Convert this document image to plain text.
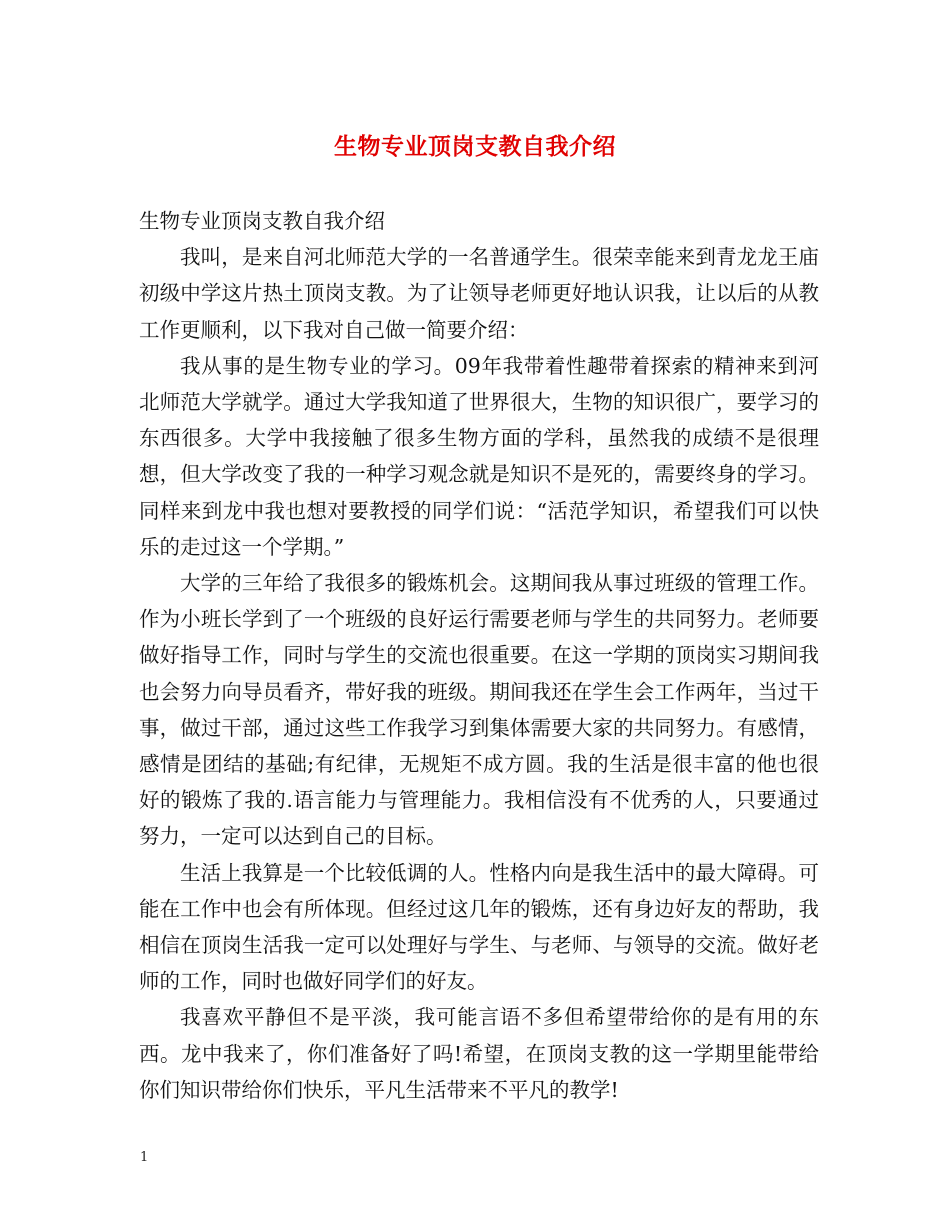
生物专业顶岗支教自我介绍

生物专业顶岗支教自我介绍

我叫，是来自河北师范大学的一名普通学生。很荣幸能来到青龙龙王庙初级中学这片热土顶岗支教。为了让领导老师更好地认识我，让以后的从教工作更顺利，以下我对自己做一简要介绍：

我从事的是生物专业的学习。09年我带着性趣带着探索的精神来到河北师范大学就学。通过大学我知道了世界很大，生物的知识很广，要学习的东西很多。大学中我接触了很多生物方面的学科，虽然我的成绩不是很理想，但大学改变了我的一种学习观念就是知识不是死的，需要终身的学习。同样来到龙中我也想对要教授的同学们说：“活范学知识，希望我们可以快乐的走过这一个学期。”

大学的三年给了我很多的锻炼机会。这期间我从事过班级的管理工作。作为小班长学到了一个班级的良好运行需要老师与学生的共同努力。老师要做好指导工作，同时与学生的交流也很重要。在这一学期的顶岗实习期间我也会努力向导员看齐，带好我的班级。期间我还在学生会工作两年，当过干事，做过干部，通过这些工作我学习到集体需要大家的共同努力。有感情，感情是团结的基础;有纪律，无规矩不成方圆。我的生活是很丰富的他也很好的锻炼了我的.语言能力与管理能力。我相信没有不优秀的人，只要通过努力，一定可以达到自己的目标。

生活上我算是一个比较低调的人。性格内向是我生活中的最大障碍。可能在工作中也会有所体现。但经过这几年的锻炼，还有身边好友的帮助，我相信在顶岗生活我一定可以处理好与学生、与老师、与领导的交流。做好老师的工作，同时也做好同学们的好友。

我喜欢平静但不是平淡，我可能言语不多但希望带给你的是有用的东西。龙中我来了，你们准备好了吗!希望，在顶岗支教的这一学期里能带给你们知识带给你们快乐，平凡生活带来不平凡的教学!

1
